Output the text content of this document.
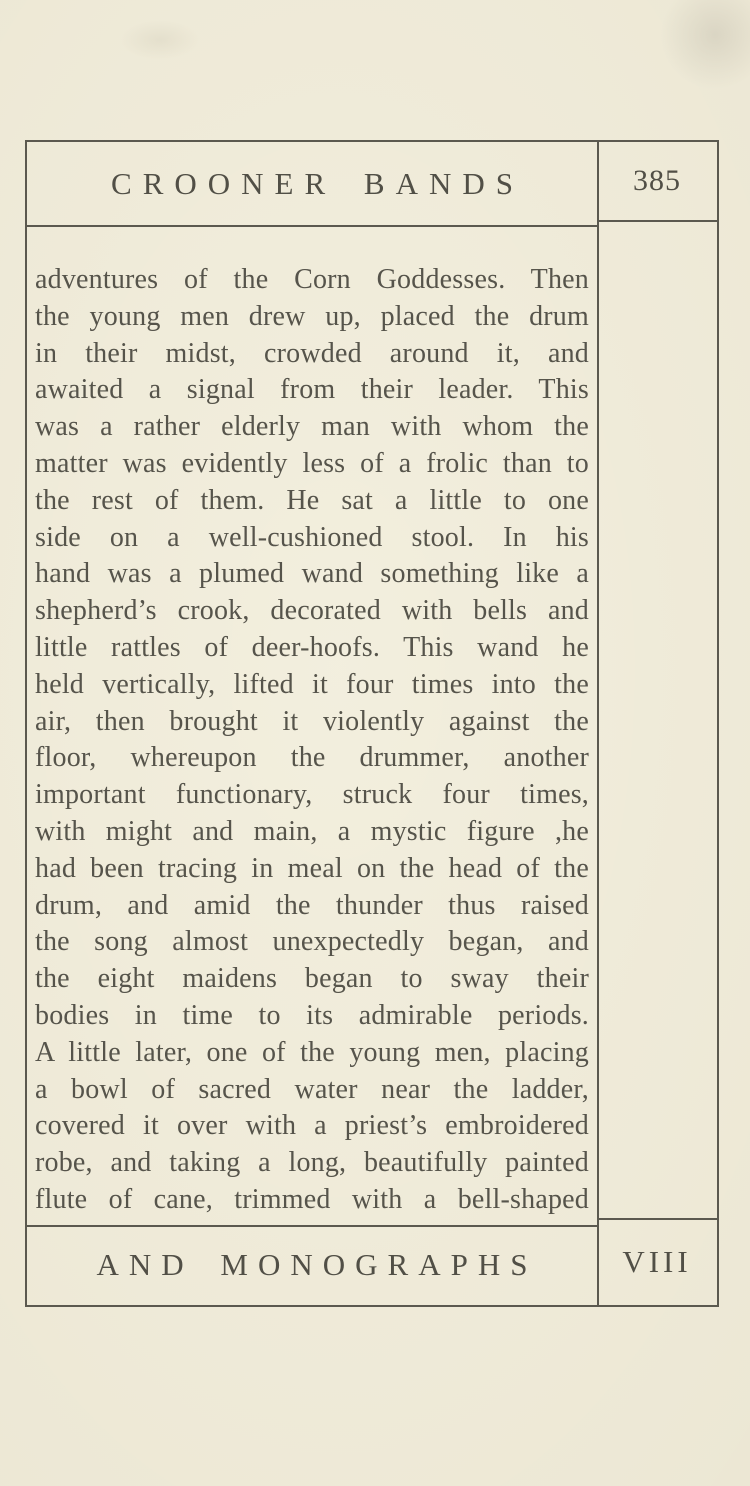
CROONER BANDS	385
adventures of the Corn Goddesses. Then
the young men drew up, placed the drum
in their midst, crowded around it, and
awaited a signal from their leader. This
was a rather elderly man with whom the
matter was evidently less of a frolic than to
the rest of them. He sat a little to one
side on a well-cushioned stool. In his
hand was a plumed wand something like a
shepherd’s crook, decorated with bells and
little rattles of deer-hoofs. This wand he
held vertically, lifted it four times into the
air, then brought it violently against the
floor, whereupon the drummer, another
important functionary, struck four times,
with might and main, a mystic figure ,he
had been tracing in meal on the head of the
drum, and amid the thunder thus raised
the song almost unexpectedly began, and
the eight maidens began to sway their
bodies in time to its admirable periods.
A little later, one of the young men, placing
a bowl of sacred water near the ladder,
covered it over with a priest’s embroidered
robe, and taking a long, beautifully painted
flute of cane, trimmed with a bell-shaped
AND MONOGRAPHS	VIII
